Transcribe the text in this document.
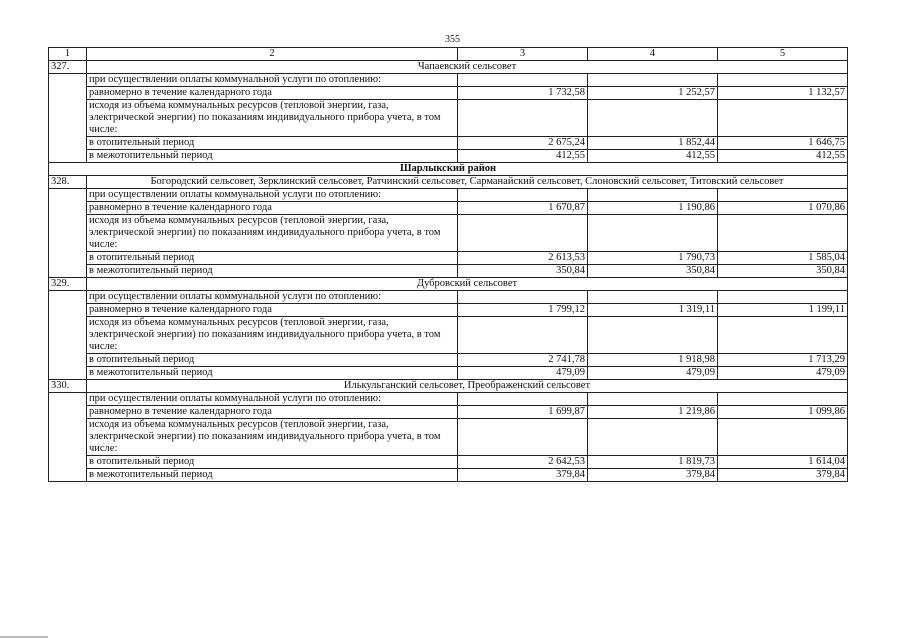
355
1	2	3	4	5
327.	Чапаевский сельсовет			
	при осуществлении оплаты коммунальной услуги по отоплению:			
	равномерно в течение календарного года	1 732,58	1 252,57	1 132,57
	исходя из объема коммунальных ресурсов (тепловой энергии, газа, электрической энергии) по показаниям индивидуального прибора учета, в том числе:			
	в отопительный период	2 675,24	1 852,44	1 646,75
	в межотопительный период	412,55	412,55	412,55
Шарлыкский район				
328.	Богородский сельсовет, Зерклинский сельсовет, Ратчинский сельсовет, Сарманайский сельсовет, Слоновский сельсовет, Титовский сельсовет			
	при осуществлении оплаты коммунальной услуги по отоплению:			
	равномерно в течение календарного года	1 670,87	1 190,86	1 070,86
	исходя из объема коммунальных ресурсов (тепловой энергии, газа, электрической энергии) по показаниям индивидуального прибора учета, в том числе:			
	в отопительный период	2 613,53	1 790,73	1 585,04
	в межотопительный период	350,84	350,84	350,84
329.	Дубровский сельсовет			
	при осуществлении оплаты коммунальной услуги по отоплению:			
	равномерно в течение календарного года	1 799,12	1 319,11	1 199,11
	исходя из объема коммунальных ресурсов (тепловой энергии, газа, электрической энергии) по показаниям индивидуального прибора учета, в том числе:			
	в отопительный период	2 741,78	1 918,98	1 713,29
	в межотопительный период	479,09	479,09	479,09
330.	Илькульганский сельсовет, Преображенский сельсовет			
	при осуществлении оплаты коммунальной услуги по отоплению:			
	равномерно в течение календарного года	1 699,87	1 219,86	1 099,86
	исходя из объема коммунальных ресурсов (тепловой энергии, газа, электрической энергии) по показаниям индивидуального прибора учета, в том числе:			
	в отопительный период	2 642,53	1 819,73	1 614,04
	в межотопительный период	379,84	379,84	379,84
